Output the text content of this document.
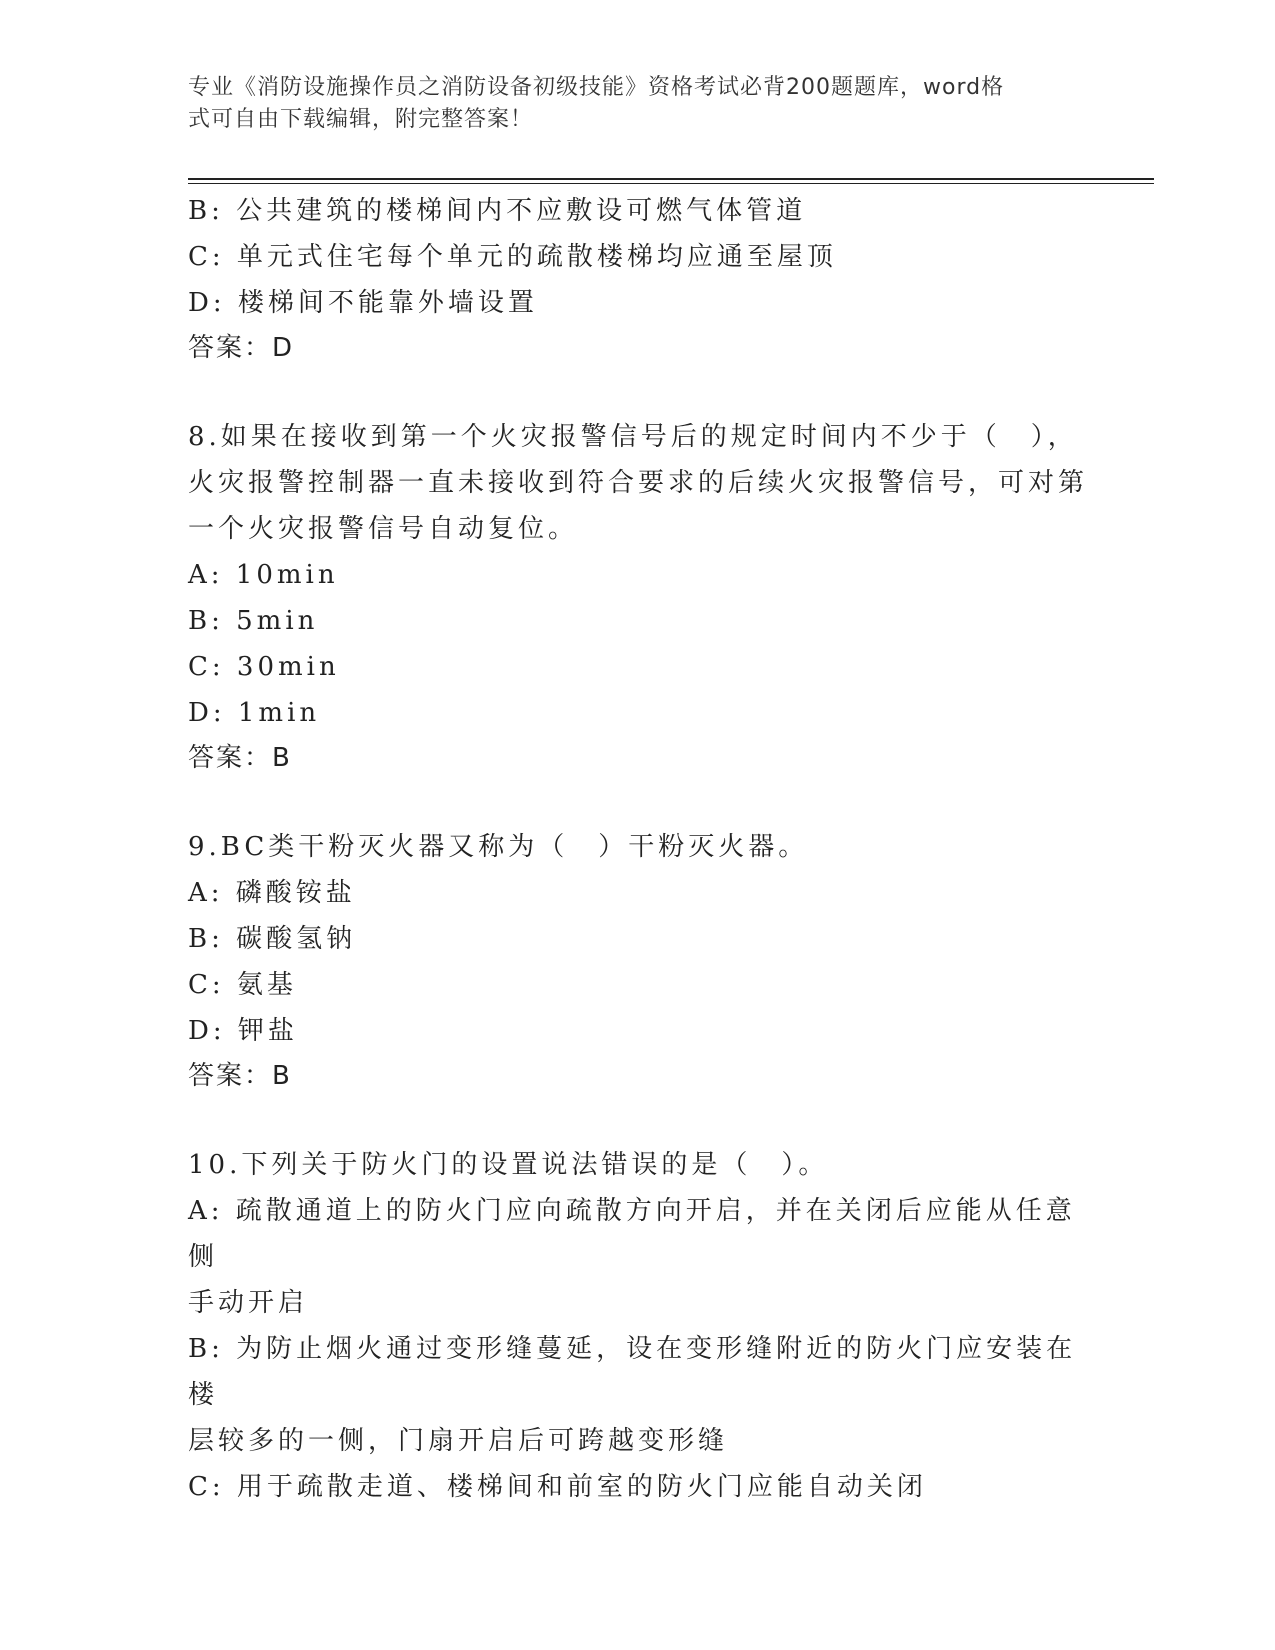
专业《消防设施操作员之消防设备初级技能》资格考试必背200题题库，word格
式可自由下载编辑，附完整答案！

B: 公共建筑的楼梯间内不应敷设可燃气体管道

C: 单元式住宅每个单元的疏散楼梯均应通至屋顶

D: 楼梯间不能靠外墙设置

答案：D

8.如果在接收到第一个火灾报警信号后的规定时间内不少于（　），

火灾报警控制器一直未接收到符合要求的后续火灾报警信号，可对第

一个火灾报警信号自动复位。

A: 10min

B: 5min

C: 30min

D: 1min

答案：B

9.BC类干粉灭火器又称为（　）干粉灭火器。

A: 磷酸铵盐

B: 碳酸氢钠

C: 氨基

D: 钾盐

答案：B

10.下列关于防火门的设置说法错误的是（　）。

A: 疏散通道上的防火门应向疏散方向开启，并在关闭后应能从任意侧

手动开启

B: 为防止烟火通过变形缝蔓延，设在变形缝附近的防火门应安装在楼

层较多的一侧，门扇开启后可跨越变形缝

C: 用于疏散走道、楼梯间和前室的防火门应能自动关闭
